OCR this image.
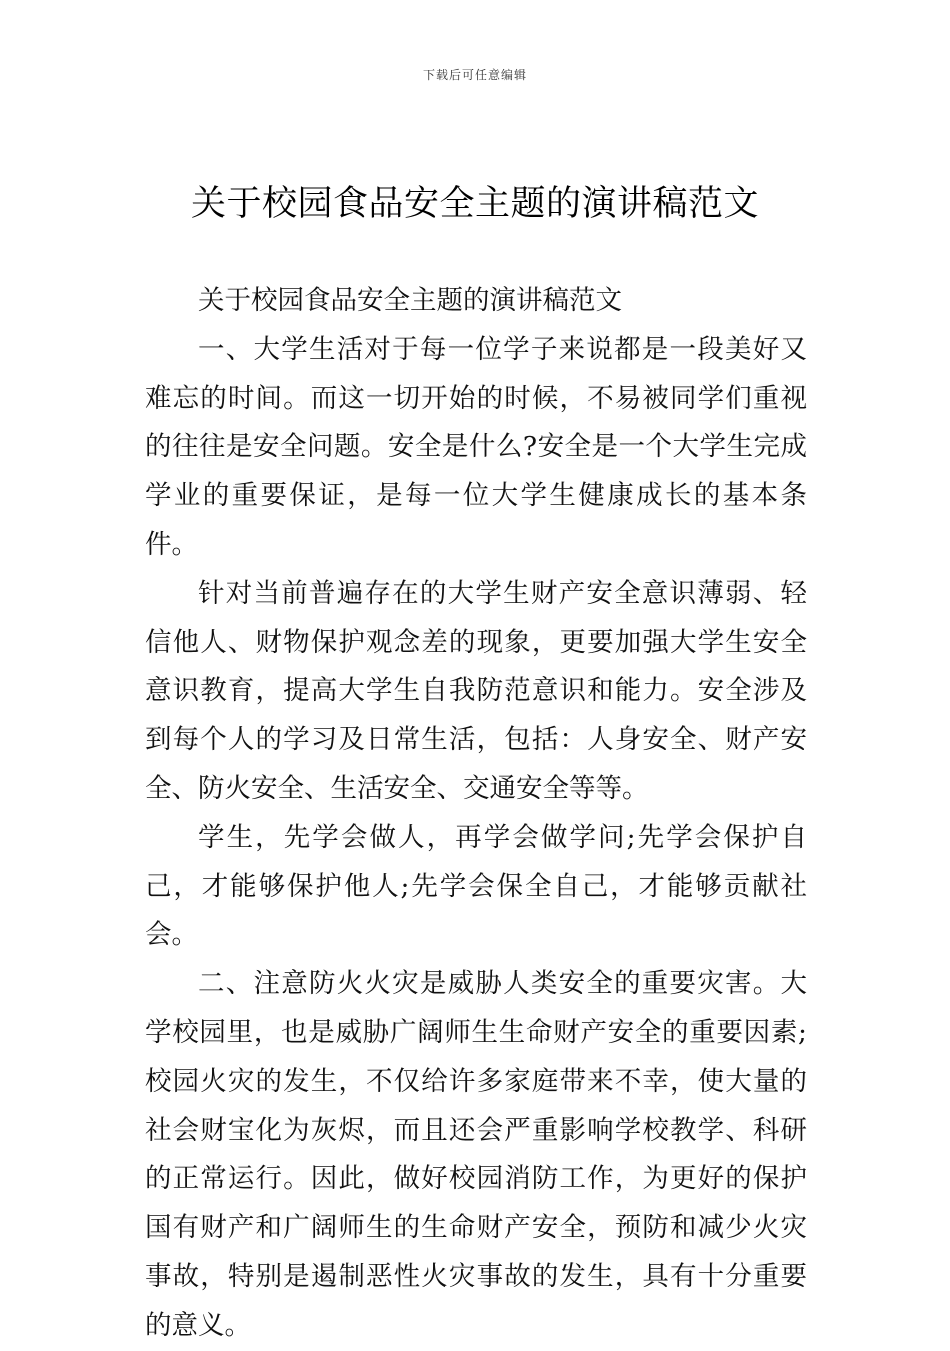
下载后可任意编辑
关于校园食品安全主题的演讲稿范文

关于校园食品安全主题的演讲稿范文

一、大学生活对于每一位学子来说都是一段美好又难忘的时间。而这一切开始的时候，不易被同学们重视的往往是安全问题。安全是什么?安全是一个大学生完成学业的重要保证，是每一位大学生健康成长的基本条件。

针对当前普遍存在的大学生财产安全意识薄弱、轻信他人、财物保护观念差的现象，更要加强大学生安全意识教育，提高大学生自我防范意识和能力。安全涉及到每个人的学习及日常生活，包括：人身安全、财产安全、防火安全、生活安全、交通安全等等。

学生，先学会做人，再学会做学问;先学会保护自己，才能够保护他人;先学会保全自己，才能够贡献社会。

二、注意防火火灾是威胁人类安全的重要灾害。大学校园里，也是威胁广阔师生生命财产安全的重要因素;校园火灾的发生，不仅给许多家庭带来不幸，使大量的社会财宝化为灰烬，而且还会严重影响学校教学、科研的正常运行。因此，做好校园消防工作，为更好的保护国有财产和广阔师生的生命财产安全，预防和减少火灾事故，特别是遏制恶性火灾事故的发生，具有十分重要的意义。
